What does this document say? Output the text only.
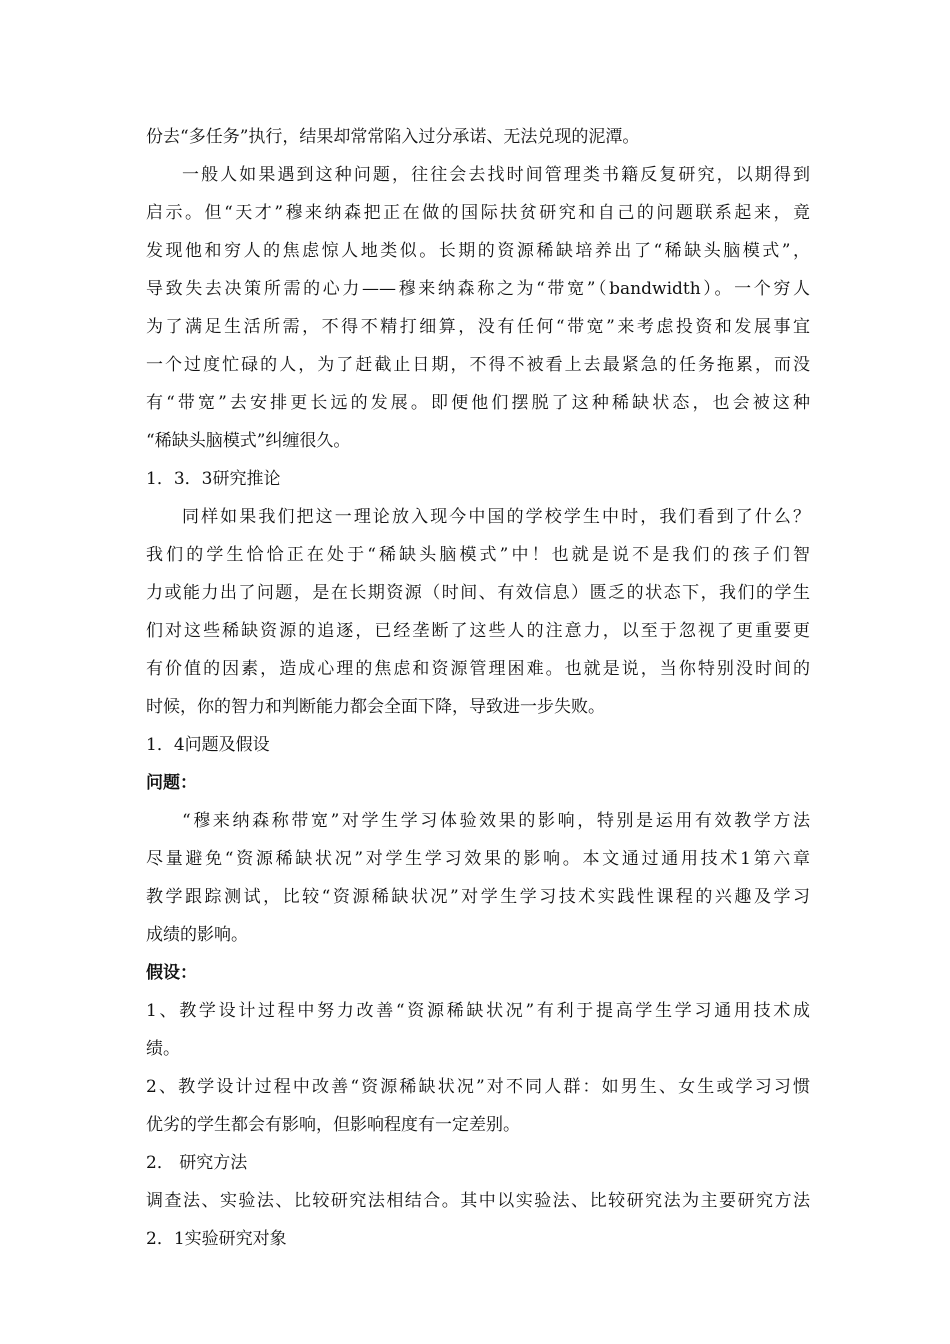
份去“多任务”执行，结果却常常陷入过分承诺、无法兑现的泥潭。
一般人如果遇到这种问题，往往会去找时间管理类书籍反复研究，以期得到
启示。但“天才”穆来纳森把正在做的国际扶贫研究和自己的问题联系起来，竟
发现他和穷人的焦虑惊人地类似。长期的资源稀缺培养出了“稀缺头脑模式”，
导致失去决策所需的心力——穆来纳森称之为“带宽”（bandwidth）。一个穷人
为了满足生活所需，不得不精打细算，没有任何“带宽”来考虑投资和发展事宜
一个过度忙碌的人，为了赶截止日期，不得不被看上去最紧急的任务拖累，而没
有“带宽”去安排更长远的发展。即便他们摆脱了这种稀缺状态，也会被这种
“稀缺头脑模式”纠缠很久。
1．3．3研究推论
同样如果我们把这一理论放入现今中国的学校学生中时，我们看到了什么？
我们的学生恰恰正在处于“稀缺头脑模式”中！也就是说不是我们的孩子们智
力或能力出了问题，是在长期资源（时间、有效信息）匮乏的状态下，我们的学生
们对这些稀缺资源的追逐，已经垄断了这些人的注意力，以至于忽视了更重要更
有价值的因素，造成心理的焦虑和资源管理困难。也就是说，当你特别没时间的
时候，你的智力和判断能力都会全面下降，导致进一步失败。
1．4问题及假设
问题：
“穆来纳森称带宽”对学生学习体验效果的影响，特别是运用有效教学方法
尽量避免“资源稀缺状况”对学生学习效果的影响。本文通过通用技术1第六章
教学跟踪测试，比较“资源稀缺状况”对学生学习技术实践性课程的兴趣及学习
成绩的影响。
假设：
1、教学设计过程中努力改善“资源稀缺状况”有利于提高学生学习通用技术成
绩。
2、教学设计过程中改善“资源稀缺状况”对不同人群：如男生、女生或学习习惯
优劣的学生都会有影响，但影响程度有一定差别。
2． 研究方法
调查法、实验法、比较研究法相结合。其中以实验法、比较研究法为主要研究方法
2．1实验研究对象
